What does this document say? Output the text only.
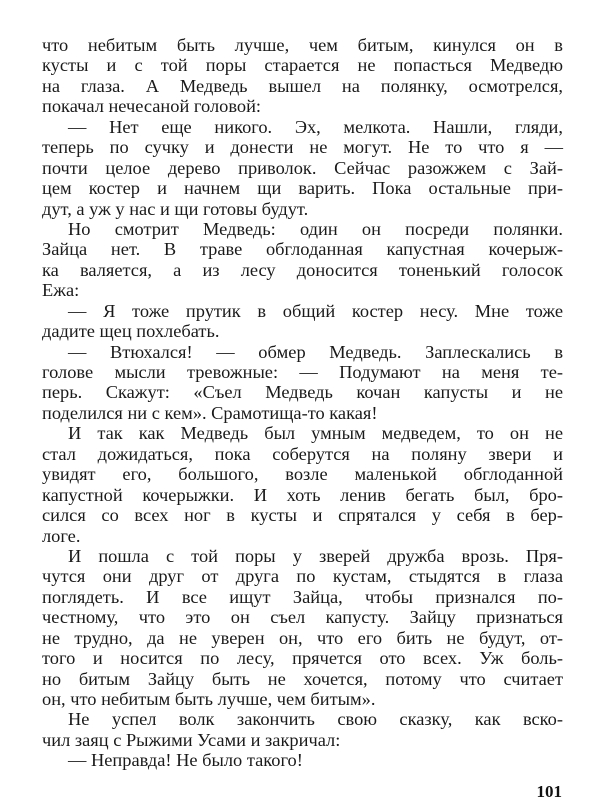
что небитым быть лучше, чем битым, кинулся он в
кусты и с той поры старается не попасться Медведю
на глаза. А Медведь вышел на полянку, осмотрелся,
покачал нечесаной головой:
— Нет еще никого. Эх, мелкота. Нашли, гляди,
теперь по сучку и донести не могут. Не то что я —
почти целое дерево приволок. Сейчас разожжем с Зай-
цем костер и начнем щи варить. Пока остальные при-
дут, а уж у нас и щи готовы будут.
Но смотрит Медведь: один он посреди полянки.
Зайца нет. В траве обглоданная капустная кочерыж-
ка валяется, а из лесу доносится тоненький голосок
Ежа:
— Я тоже прутик в общий костер несу. Мне тоже
дадите щец похлебать.
— Втюхался! — обмер Медведь. Заплескались в
голове мысли тревожные: — Подумают на меня те-
перь. Скажут: «Съел Медведь кочан капусты и не
поделился ни с кем». Срамотища-то какая!
И так как Медведь был умным медведем, то он не
стал дожидаться, пока соберутся на поляну звери и
увидят его, большого, возле маленькой обглоданной
капустной кочерыжки. И хоть ленив бегать был, бро-
сился со всех ног в кусты и спрятался у себя в бер-
логе.
И пошла с той поры у зверей дружба врозь. Пря-
чутся они друг от друга по кустам, стыдятся в глаза
поглядеть. И все ищут Зайца, чтобы признался по-
честному, что это он съел капусту. Зайцу признаться
не трудно, да не уверен он, что его бить не будут, от-
того и носится по лесу, прячется ото всех. Уж боль-
но битым Зайцу быть не хочется, потому что считает
он, что небитым быть лучше, чем битым».
Не успел волк закончить свою сказку, как вско-
чил заяц с Рыжими Усами и закричал:
— Неправда! Не было такого!
101
